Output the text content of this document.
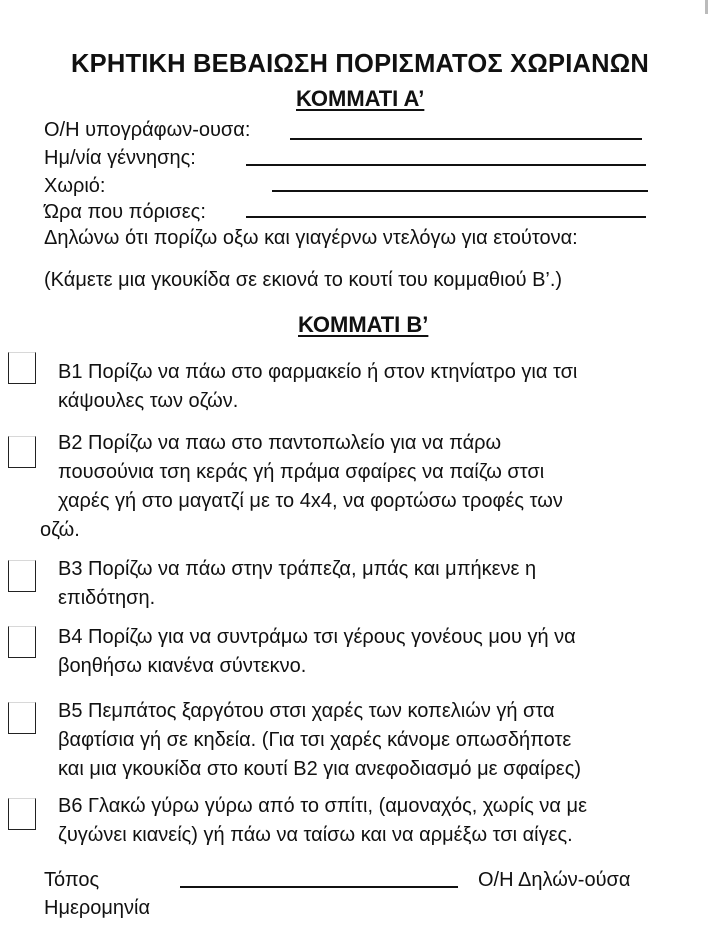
ΚΡΗΤΙΚΗ ΒΕΒΑΙΩΣΗ ΠΟΡΙΣΜΑΤΟΣ ΧΩΡΙΑΝΩΝ
ΚΟΜΜΑΤΙ Α’
Ο/Η υπογράφων-ουσα:
Ημ/νία γέννησης:
Χωριό:
Ώρα που πόρισες:
Δηλώνω ότι πορίζω οξω και γιαγέρνω ντελόγω για ετούτονα:
(Κάμετε μια γκουκίδα σε εκιονά το κουτί του κομμαθιού Β’.)
ΚΟΜΜΑΤΙ Β’
Β1 Πορίζω να πάω στο φαρμακείο ή στον κτηνίατρο για τσι
κάψουλες των οζών.
Β2 Πορίζω να παω στο παντοπωλείο για να πάρω
πουσούνια τση κεράς γή πράμα σφαίρες να παίζω στσι
χαρές γή στο μαγατζί με το 4x4, να φορτώσω τροφές των
οζώ.
Β3 Πορίζω να πάω στην τράπεζα, μπάς και μπήκενε η
επιδότηση.
Β4 Πορίζω για να συντράμω τσι γέρους γονέους μου γή να
βοηθήσω κιανένα σύντεκνο.
Β5 Πεμπάτος ξαργότου στσι χαρές των κοπελιών γή στα
βαφτίσια γή σε κηδεία. (Για τσι χαρές κάνομε οπωσδήποτε
και μια γκουκίδα στο κουτί Β2 για ανεφοδιασμό με σφαίρες)
Β6 Γλακώ γύρω γύρω από το σπίτι, (αμοναχός, χωρίς να με
ζυγώνει κιανείς) γή πάω να ταίσω και να αρμέξω τσι αίγες.
Τόπος	Ο/Η Δηλών-ούσα
Ημερομηνία
